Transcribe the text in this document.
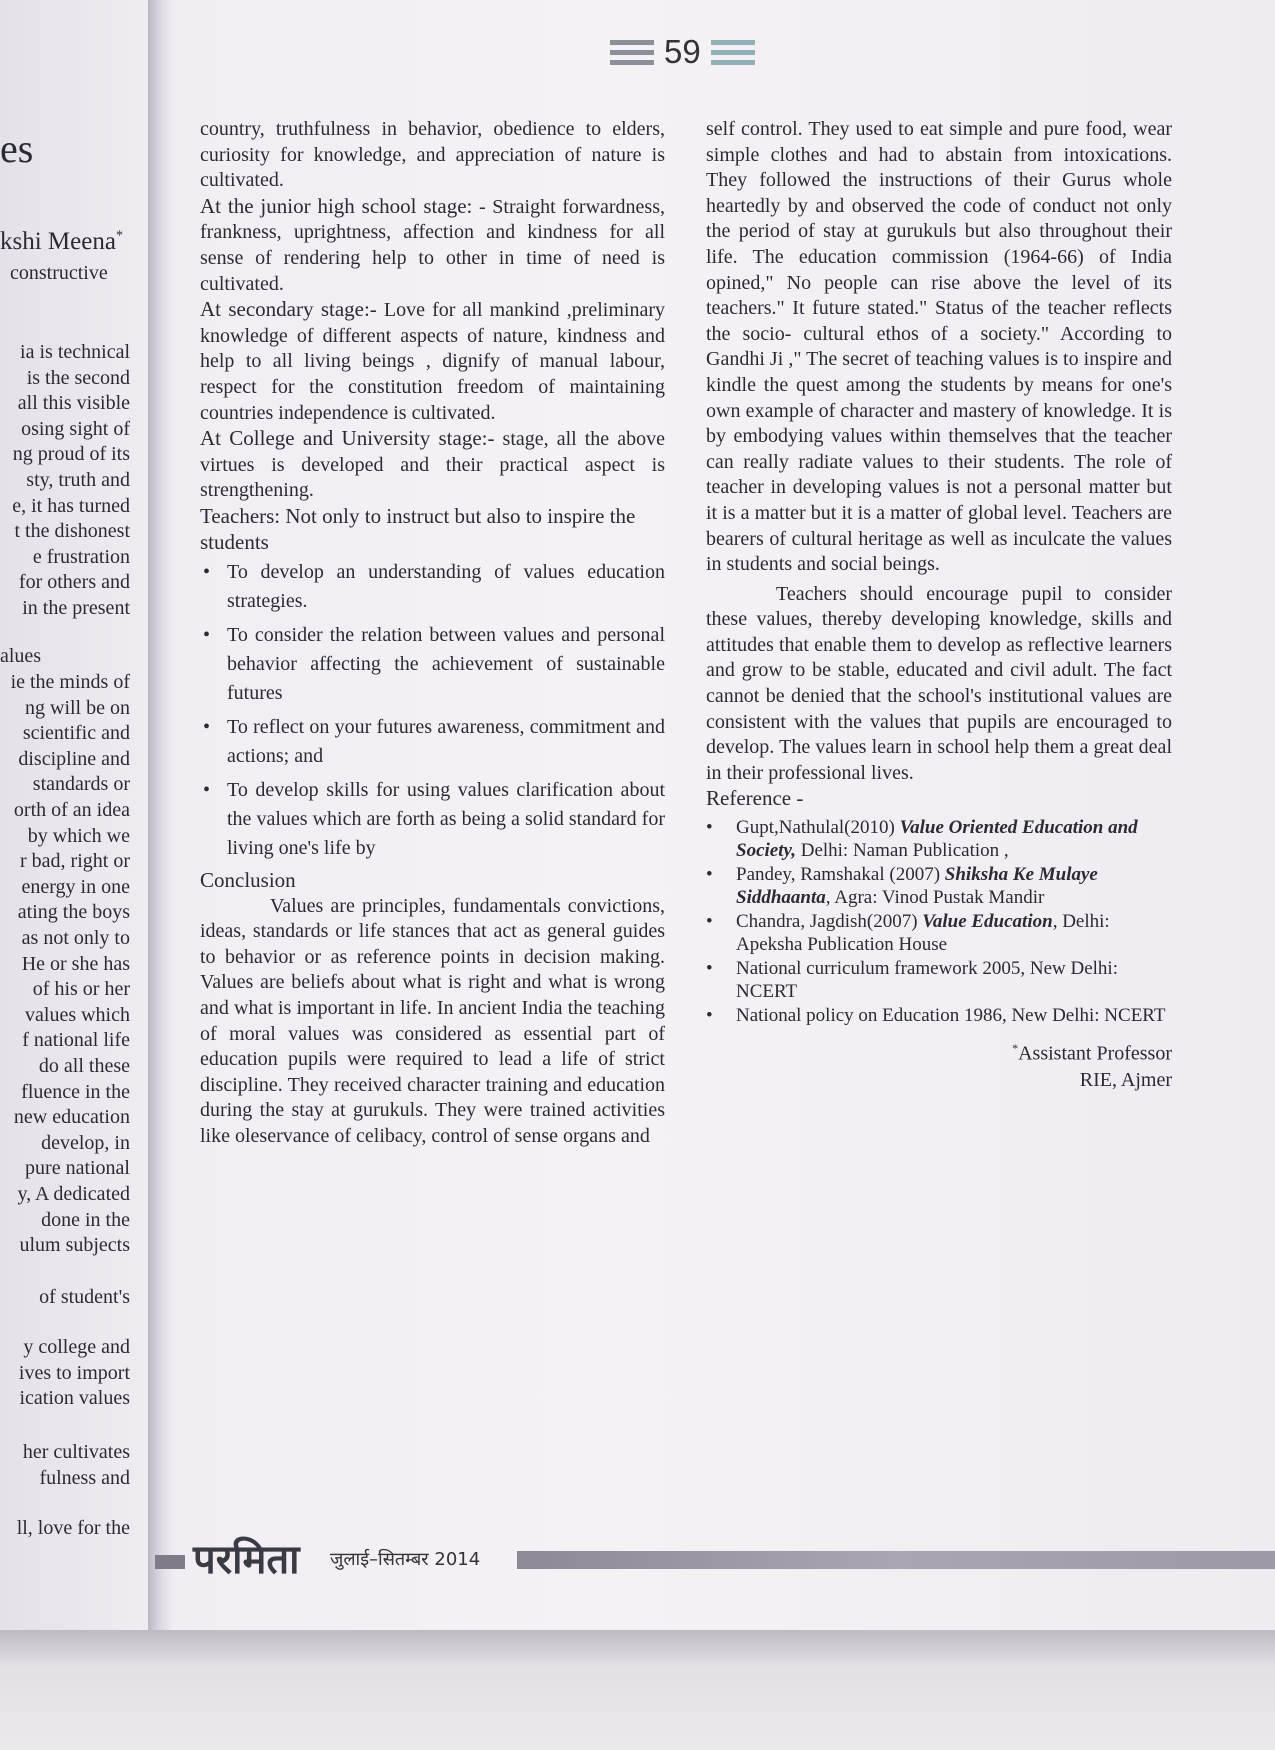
es
kshi Meena*
constructive
ia is technical
is the second
all this visible
osing sight of
ng proud of its
sty, truth and
e, it has turned
t the dishonest
e frustration
for others and
in the present
alues
ie the minds of
ng will be on
scientific and
discipline and
standards or
orth of an idea
by which we
r bad, right or
energy in one
ating the boys
as not only to
He or she has
of his or her
values which
f national life
do all these
fluence in the
new education
develop, in
pure national
y, A dedicated
done in the
ulum subjects
of student's
y college and
ives to import
ication values
her cultivates
fulness and
ll, love for the
59

country, truthfulness in behavior, obedience to elders, curiosity for knowledge, and appreciation of nature is cultivated.

At the junior high school stage: - Straight forwardness, frankness, uprightness, affection and kindness for all sense of rendering help to other in time of need is cultivated.

At secondary stage:- Love for all mankind ,preliminary knowledge of different aspects of nature, kindness and help to all living beings , dignify of manual labour, respect for the constitution freedom of maintaining countries independence is cultivated.

At College and University stage:- stage, all the above virtues is developed and their practical aspect is strengthening.

Teachers: Not only to instruct but also to inspire the students

• To develop an understanding of values education strategies.
• To consider the relation between values and personal behavior affecting the achievement of sustainable futures
• To reflect on your futures awareness, commitment and actions; and
• To develop skills for using values clarification about the values which are forth as being a solid standard for living one's life by

Conclusion

Values are principles, fundamentals convictions, ideas, standards or life stances that act as general guides to behavior or as reference points in decision making. Values are beliefs about what is right and what is wrong and what is important in life. In ancient India the teaching of moral values was considered as essential part of education pupils were required to lead a life of strict discipline. They received character training and education during the stay at gurukuls. They were trained activities like oleservance of celibacy, control of sense organs and

self control. They used to eat simple and pure food, wear simple clothes and had to abstain from intoxications. They followed the instructions of their Gurus whole heartedly by and observed the code of conduct not only the period of stay at gurukuls but also throughout their life. The education commission (1964-66) of India opined," No people can rise above the level of its teachers." It future stated." Status of the teacher reflects the socio- cultural ethos of a society." According to Gandhi Ji ," The secret of teaching values is to inspire and kindle the quest among the students by means for one's own example of character and mastery of knowledge. It is by embodying values within themselves that the teacher can really radiate values to their students. The role of teacher in developing values is not a personal matter but it is a matter but it is a matter of global level. Teachers are bearers of cultural heritage as well as inculcate the values in students and social beings.

Teachers should encourage pupil to consider these values, thereby developing knowledge, skills and attitudes that enable them to develop as reflective learners and grow to be stable, educated and civil adult. The fact cannot be denied that the school's institutional values are consistent with the values that pupils are encouraged to develop. The values learn in school help them a great deal in their professional lives.

Reference -

• Gupt,Nathulal(2010) Value Oriented Education and Society, Delhi: Naman Publication ,
• Pandey, Ramshakal (2007) Shiksha Ke Mulaye Siddhaanta, Agra: Vinod Pustak Mandir
• Chandra, Jagdish(2007) Value Education, Delhi: Apeksha Publication House
• National curriculum framework 2005, New Delhi: NCERT
• National policy on Education 1986, New Delhi: NCERT
*Assistant Professor
RIE, Ajmer
परमिता जुलाई–सितम्बर 2014
